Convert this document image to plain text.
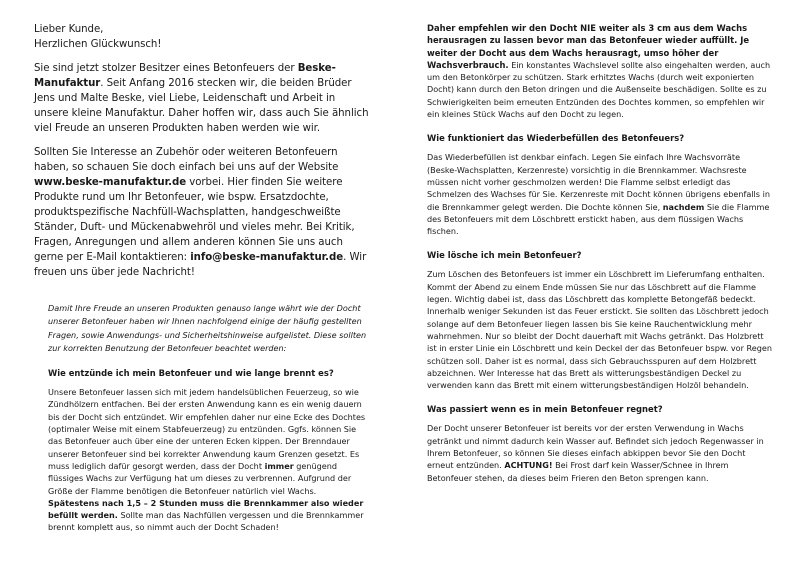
Lieber Kunde,
Herzlichen Glückwunsch!

Sie sind jetzt stolzer Besitzer eines Betonfeuers der Beske-Manufaktur. Seit Anfang 2016 stecken wir, die beiden Brüder Jens und Malte Beske, viel Liebe, Leidenschaft und Arbeit in unsere kleine Manufaktur. Daher hoffen wir, dass auch Sie ähnlich viel Freude an unseren Produkten haben werden wie wir.

Sollten Sie Interesse an Zubehör oder weiteren Betonfeuern haben, so schauen Sie doch einfach bei uns auf der Website www.beske-manufaktur.de vorbei. Hier finden Sie weitere Produkte rund um Ihr Betonfeuer, wie bspw. Ersatzdochte, produktspezifische Nachfüll-Wachsplatten, handgeschweißte Ständer, Duft- und Mückenabwehröl und vieles mehr. Bei Kritik, Fragen, Anregungen und allem anderen können Sie uns auch gerne per E-Mail kontaktieren: info@beske-manufaktur.de. Wir freuen uns über jede Nachricht!

Damit Ihre Freude an unseren Produkten genauso lange währt wie der Docht unserer Betonfeuer haben wir Ihnen nachfolgend einige der häufig gestellten Fragen, sowie Anwendungs- und Sicherheitshinweise aufgelistet. Diese sollten zur korrekten Benutzung der Betonfeuer beachtet werden:

Wie entzünde ich mein Betonfeuer und wie lange brennt es?

Unsere Betonfeuer lassen sich mit jedem handelsüblichen Feuerzeug, so wie Zündhölzern entfachen. Bei der ersten Anwendung kann es ein wenig dauern bis der Docht sich entzündet. Wir empfehlen daher nur eine Ecke des Dochtes (optimaler Weise mit einem Stabfeuerzeug) zu entzünden. Ggfs. können Sie das Betonfeuer auch über eine der unteren Ecken kippen. Der Brenndauer unserer Betonfeuer sind bei korrekter Anwendung kaum Grenzen gesetzt. Es muss lediglich dafür gesorgt werden, dass der Docht immer genügend flüssiges Wachs zur Verfügung hat um dieses zu verbrennen. Aufgrund der Größe der Flamme benötigen die Betonfeuer natürlich viel Wachs. Spätestens nach 1,5 – 2 Stunden muss die Brennkammer also wieder befüllt werden. Sollte man das Nachfüllen vergessen und die Brennkammer brennt komplett aus, so nimmt auch der Docht Schaden!

Daher empfehlen wir den Docht NIE weiter als 3 cm aus dem Wachs herausragen zu lassen bevor man das Betonfeuer wieder auffüllt. Je weiter der Docht aus dem Wachs herausragt, umso höher der Wachsverbrauch. Ein konstantes Wachslevel sollte also eingehalten werden, auch um den Betonkörper zu schützen. Stark erhitztes Wachs (durch weit exponierten Docht) kann durch den Beton dringen und die Außenseite beschädigen. Sollte es zu Schwierigkeiten beim erneuten Entzünden des Dochtes kommen, so empfehlen wir ein kleines Stück Wachs auf den Docht zu legen.

Wie funktioniert das Wiederbefüllen des Betonfeuers?

Das Wiederbefüllen ist denkbar einfach. Legen Sie einfach Ihre Wachsvorräte (Beske-Wachsplatten, Kerzenreste) vorsichtig in die Brennkammer. Wachsreste müssen nicht vorher geschmolzen werden! Die Flamme selbst erledigt das Schmelzen des Wachses für Sie. Kerzenreste mit Docht können übrigens ebenfalls in die Brennkammer gelegt werden. Die Dochte können Sie, nachdem Sie die Flamme des Betonfeuers mit dem Löschbrett erstickt haben, aus dem flüssigen Wachs fischen.

Wie lösche ich mein Betonfeuer?

Zum Löschen des Betonfeuers ist immer ein Löschbrett im Lieferumfang enthalten. Kommt der Abend zu einem Ende müssen Sie nur das Löschbrett auf die Flamme legen. Wichtig dabei ist, dass das Löschbrett das komplette Betongefäß bedeckt. Innerhalb weniger Sekunden ist das Feuer erstickt. Sie sollten das Löschbrett jedoch solange auf dem Betonfeuer liegen lassen bis Sie keine Rauchentwicklung mehr wahrnehmen. Nur so bleibt der Docht dauerhaft mit Wachs getränkt. Das Holzbrett ist in erster Linie ein Löschbrett und kein Deckel der das Betonfeuer bspw. vor Regen schützen soll. Daher ist es normal, dass sich Gebrauchsspuren auf dem Holzbrett abzeichnen. Wer Interesse hat das Brett als witterungsbeständigen Deckel zu verwenden kann das Brett mit einem witterungsbeständigen Holzöl behandeln.

Was passiert wenn es in mein Betonfeuer regnet?

Der Docht unserer Betonfeuer ist bereits vor der ersten Verwendung in Wachs getränkt und nimmt dadurch kein Wasser auf. Befindet sich jedoch Regenwasser in Ihrem Betonfeuer, so können Sie dieses einfach abkippen bevor Sie den Docht erneut entzünden. ACHTUNG! Bei Frost darf kein Wasser/Schnee in Ihrem Betonfeuer stehen, da dieses beim Frieren den Beton sprengen kann.
